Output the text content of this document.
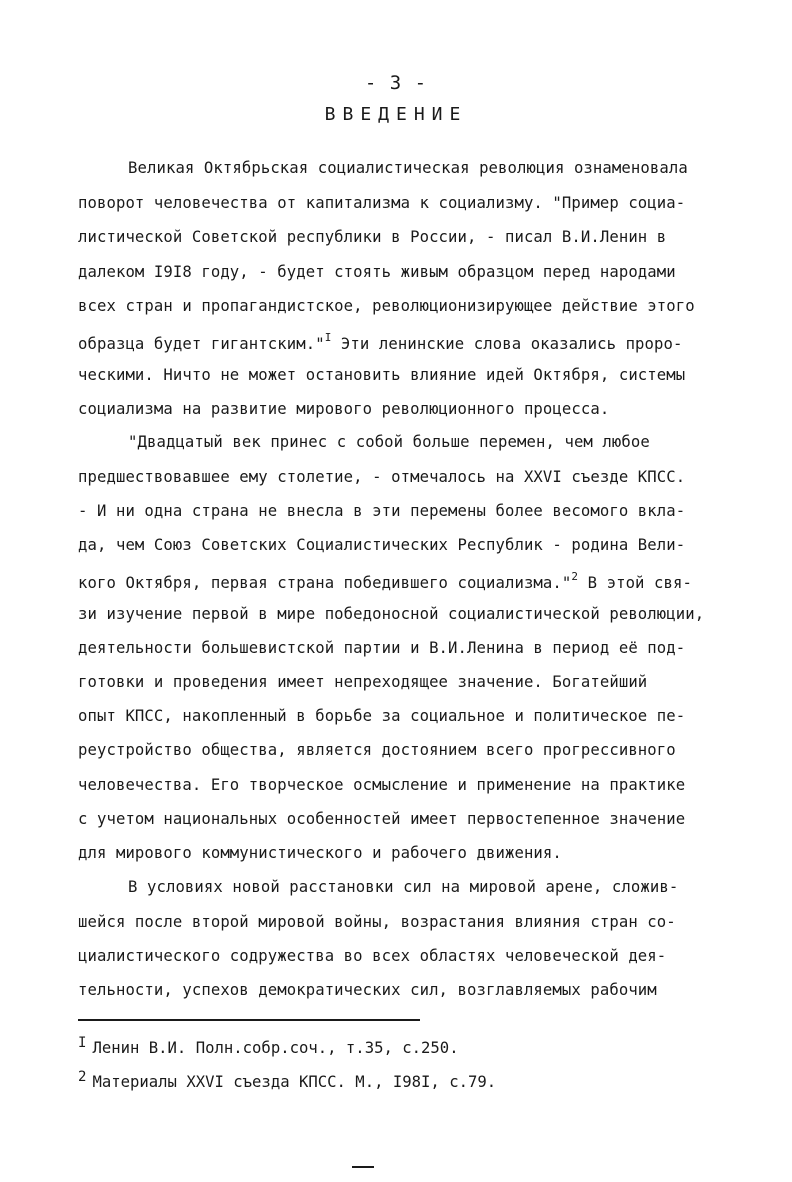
- 3 -
ВВЕДЕНИЕ
Великая Октябрьская социалистическая революция ознаменовала
поворот человечества от капитализма к социализму. "Пример социа-
листической Советской республики в России, - писал В.И.Ленин в
далеком I9I8 году, - будет стоять живым образцом перед народами
всех стран и пропагандистское, революционизирующее действие этого
образца будет гигантским."$^I$ Эти ленинские слова оказались проро-
ческими. Ничто не может остановить влияние идей Октября, системы
социализма на развитие мирового революционного процесса.
"Двадцатый век принес с собой больше перемен, чем любое
предшествовавшее ему столетие, - отмечалось на XXVI съезде КПСС.
- И ни одна страна не внесла в эти перемены более весомого вкла-
да, чем Союз Советских Социалистических Республик - родина Вели-
кого Октября, первая страна победившего социализма."$^2$ В этой свя-
зи изучение первой в мире победоносной социалистической революции,
деятельности большевистской партии и В.И.Ленина в период её под-
готовки и проведения имеет непреходящее значение. Богатейший
опыт КПСС, накопленный в борьбе за социальное и политическое пе-
реустройство общества, является достоянием всего прогрессивного
человечества. Его творческое осмысление и применение на практике
с учетом национальных особенностей имеет первостепенное значение
для мирового коммунистического и рабочего движения.
В условиях новой расстановки сил на мировой арене, сложив-
шейся после второй мировой войны, возрастания влияния стран со-
циалистического содружества во всех областях человеческой дея-
тельности, успехов демократических сил, возглавляемых рабочим
I Ленин В.И. Полн.собр.соч., т.35, с.250.
2 Материалы XXVI съезда КПСС. М., I98I, с.79.
